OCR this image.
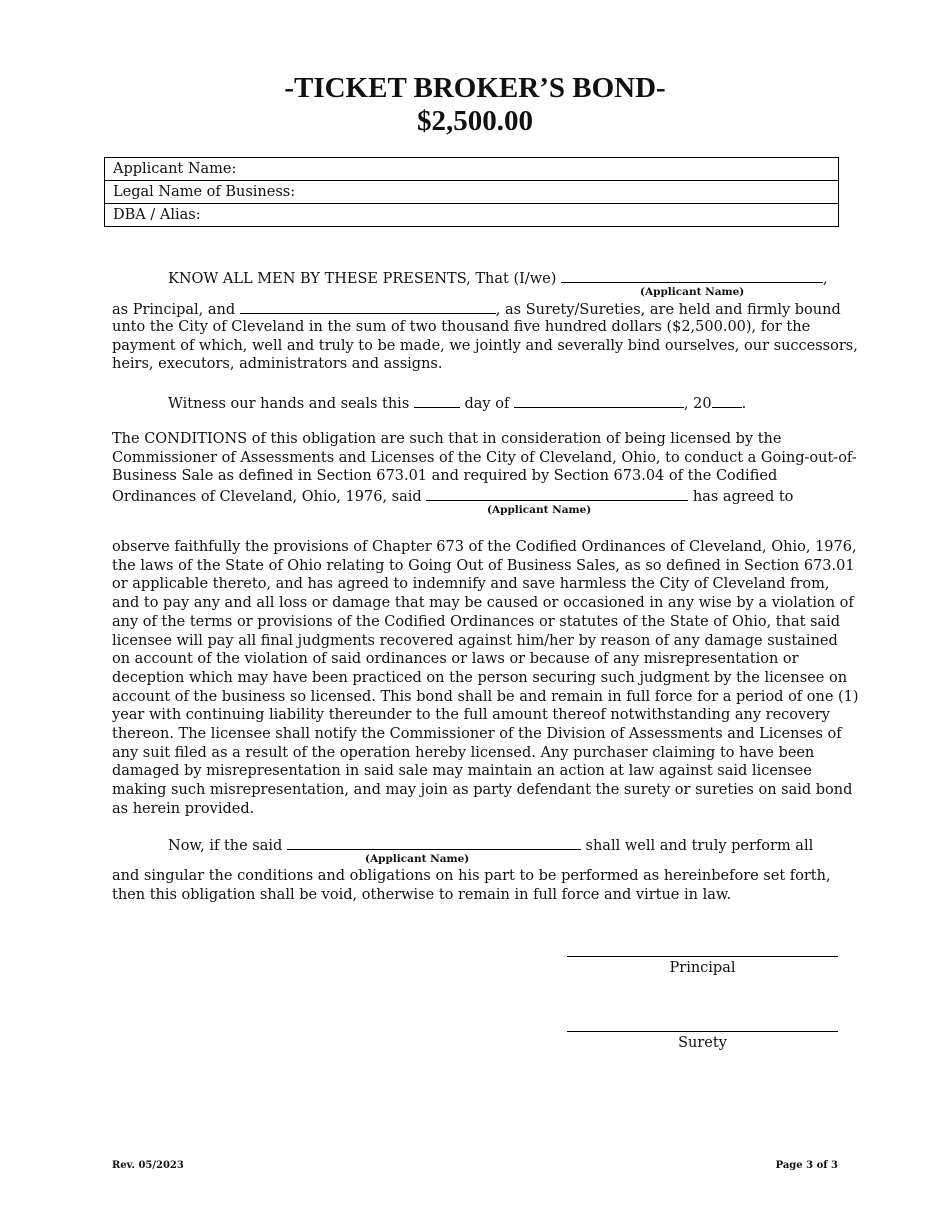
-TICKET BROKER’S BOND-
$2,500.00
Applicant Name:
Legal Name of Business:
DBA / Alias:
KNOW ALL MEN BY THESE PRESENTS, That (I/we)	,
(Applicant Name)
as Principal, and	, as Surety/Sureties, are held and firmly bound
unto the City of Cleveland in the sum of two thousand five hundred dollars ($2,500.00), for the
payment of which, well and truly to be made, we jointly and severally bind ourselves, our successors,
heirs, executors, administrators and assigns.
Witness our hands and seals this	day of	, 20 .
The CONDITIONS of this obligation are such that in consideration of being licensed by the
Commissioner of Assessments and Licenses of the City of Cleveland, Ohio, to conduct a Going-out-of-
Business Sale as defined in Section 673.01 and required by Section 673.04 of the Codified
Ordinances of Cleveland, Ohio, 1976, said	has agreed to
(Applicant Name)
observe faithfully the provisions of Chapter 673 of the Codified Ordinances of Cleveland, Ohio, 1976,
the laws of the State of Ohio relating to Going Out of Business Sales, as so defined in Section 673.01
or applicable thereto, and has agreed to indemnify and save harmless the City of Cleveland from,
and to pay any and all loss or damage that may be caused or occasioned in any wise by a violation of
any of the terms or provisions of the Codified Ordinances or statutes of the State of Ohio, that said
licensee will pay all final judgments recovered against him/her by reason of any damage sustained
on account of the violation of said ordinances or laws or because of any misrepresentation or
deception which may have been practiced on the person securing such judgment by the licensee on
account of the business so licensed. This bond shall be and remain in full force for a period of one (1)
year with continuing liability thereunder to the full amount thereof notwithstanding any recovery
thereon. The licensee shall notify the Commissioner of the Division of Assessments and Licenses of
any suit filed as a result of the operation hereby licensed. Any purchaser claiming to have been
damaged by misrepresentation in said sale may maintain an action at law against said licensee
making such misrepresentation, and may join as party defendant the surety or sureties on said bond
as herein provided.
Now, if the said	shall well and truly perform all
(Applicant Name)
and singular the conditions and obligations on his part to be performed as hereinbefore set forth,
then this obligation shall be void, otherwise to remain in full force and virtue in law.
Principal
Surety
Rev. 05/2023	Page 3 of 3
